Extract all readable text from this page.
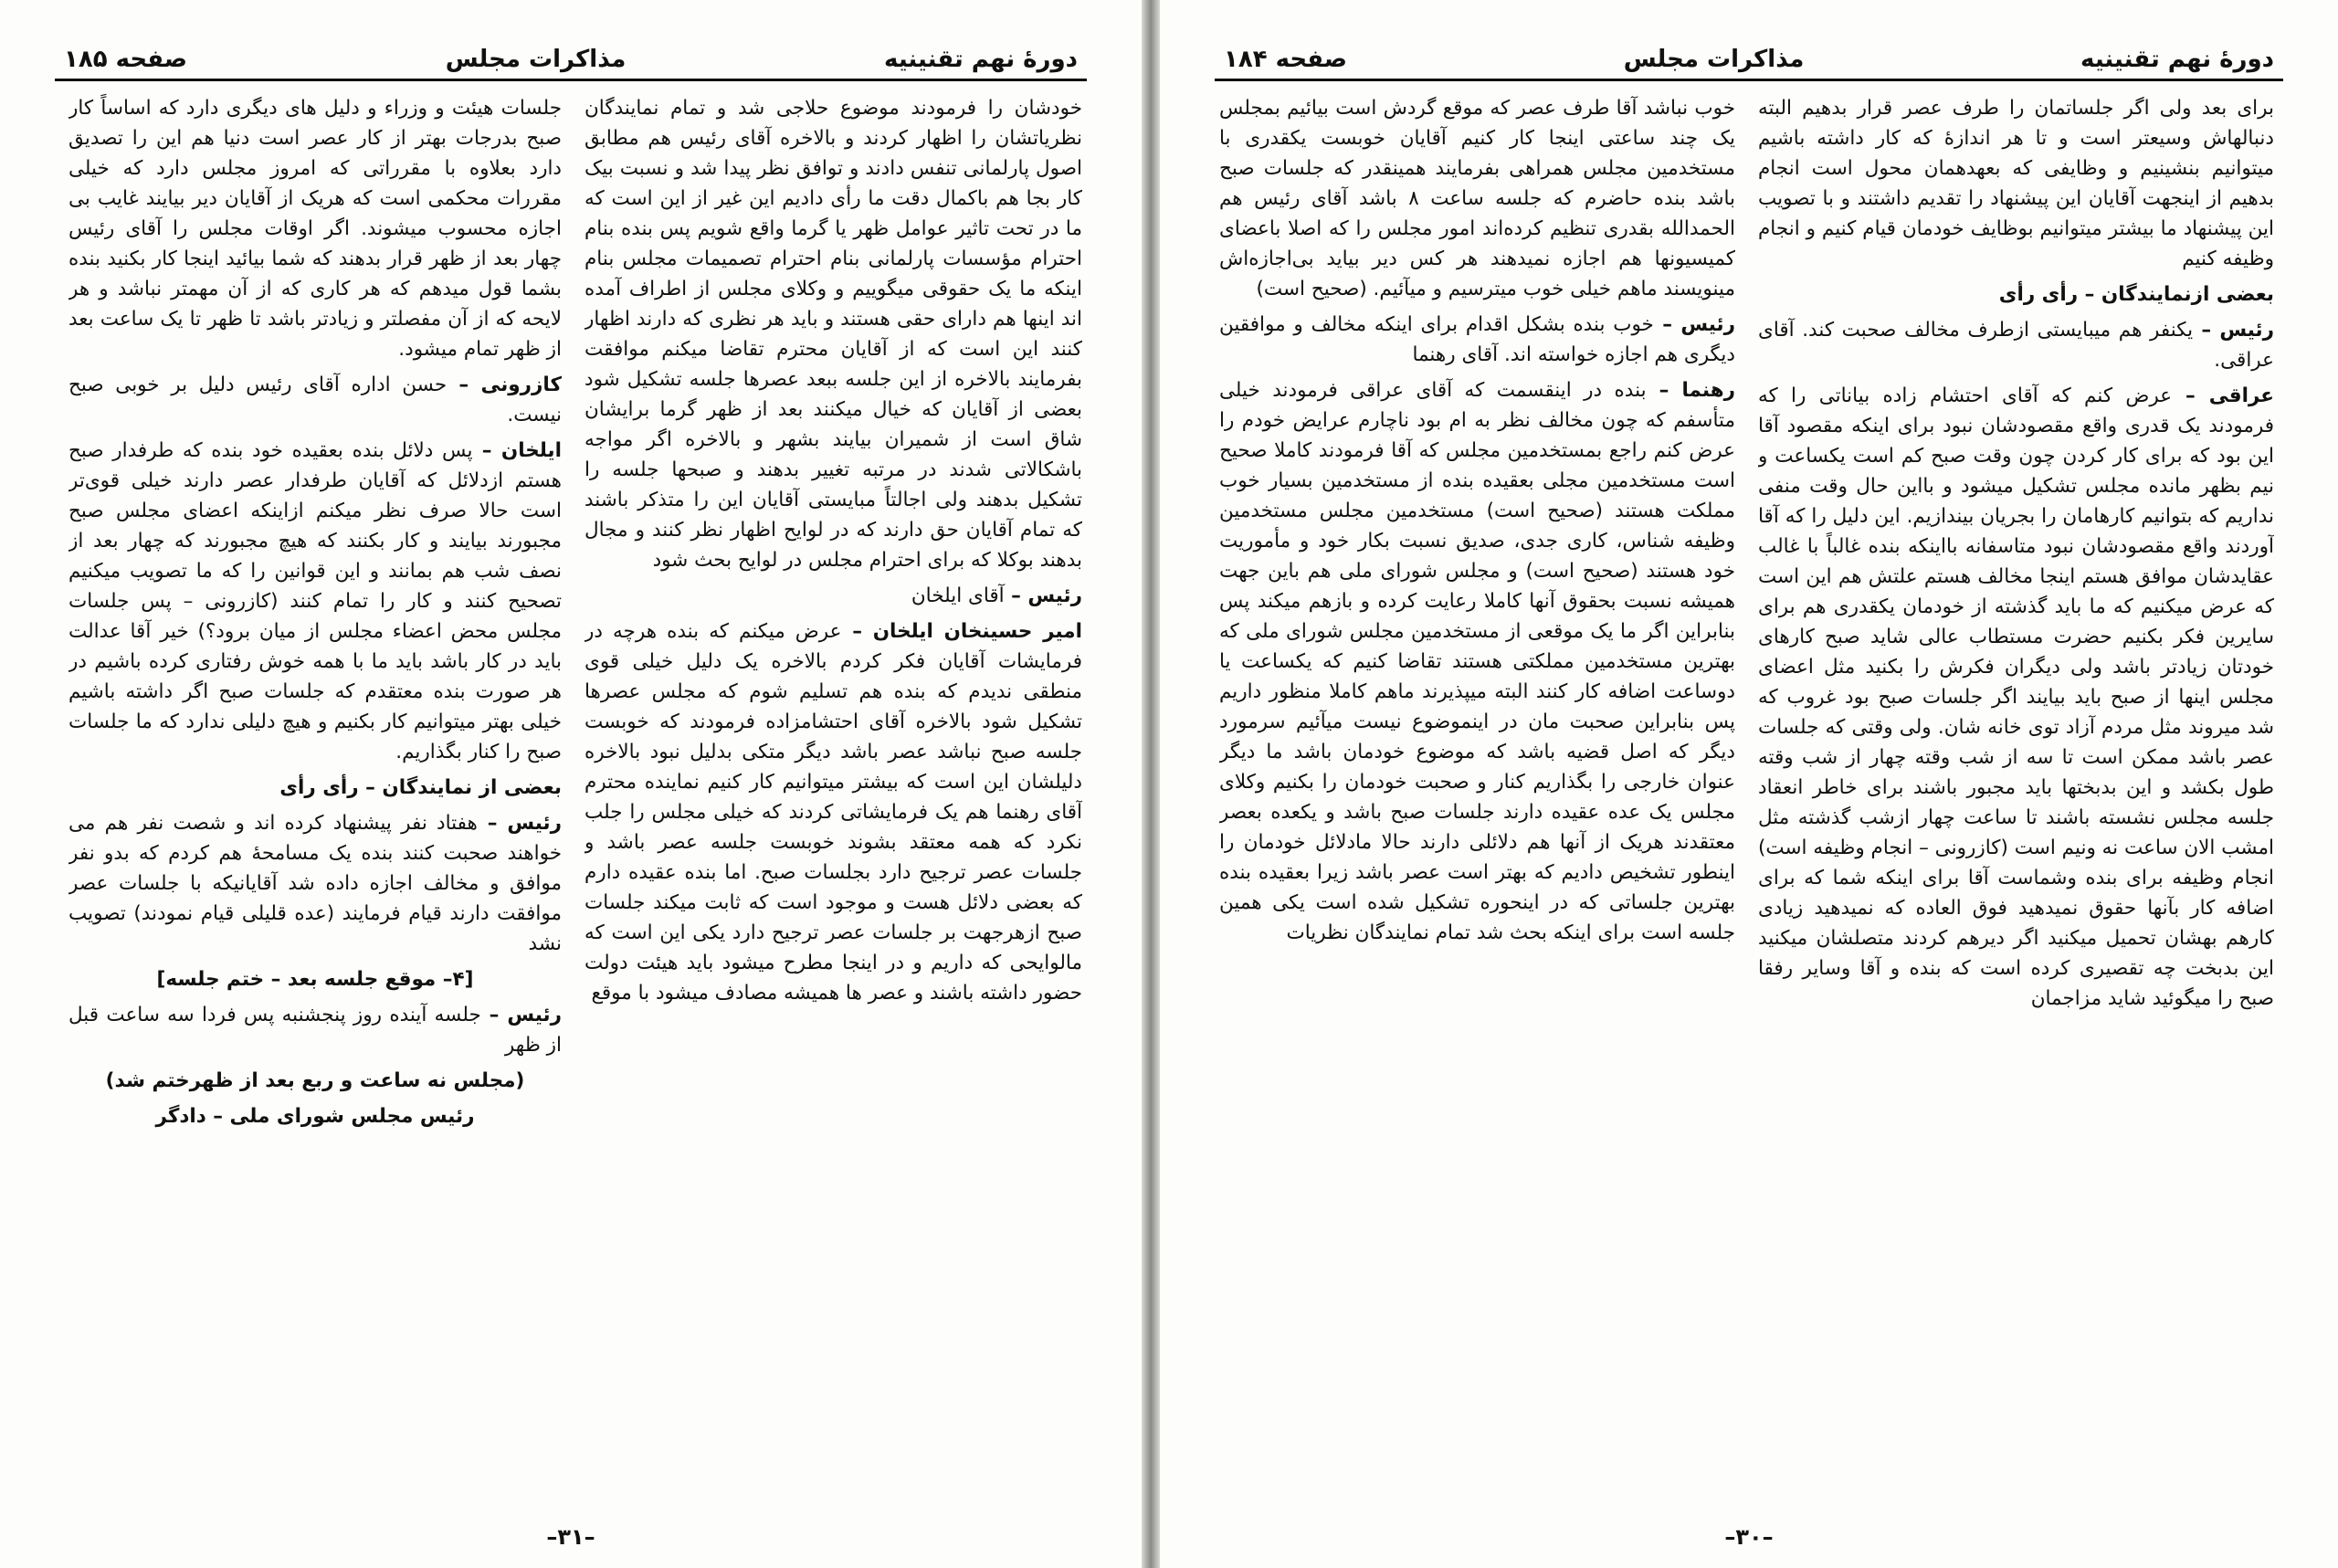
دورهٔ نهم تقنینیه
مذاکرات مجلس
صفحه ۱۸۵

خودشان را فرمودند موضوع حلاجی شد و تمام نمایندگان نظریاتشان را اظهار کردند و بالاخره آقای رئیس هم مطابق اصول پارلمانی تنفس دادند و توافق نظر پیدا شد و نسبت بیک کار بجا هم باکمال دقت ما رأی دادیم این غیر از این است که ما در تحت تاثیر عوامل ظهر یا گرما واقع شویم پس بنده بنام احترام مؤسسات پارلمانی بنام احترام تصمیمات مجلس بنام اینکه ما یک حقوقی میگوییم و وکلای مجلس از اطراف آمده اند اینها هم دارای حقی هستند و باید هر نظری که دارند اظهار کنند این است که از آقایان محترم تقاضا میکنم موافقت بفرمایند بالاخره از این جلسه ببعد عصرها جلسه تشکیل شود بعضی از آقایان که خیال میکنند بعد از ظهر گرما برایشان شاق است از شمیران بیایند بشهر و بالاخره اگر مواجه باشکالاتی شدند در مرتبه تغییر بدهند و صبحها جلسه را تشکیل بدهند ولی اجالتاً مبایستی آقایان این را متذکر باشند که تمام آقایان حق دارند که در لوایح اظهار نظر کنند و مجال بدهند بوکلا که برای احترام مجلس در لوایح بحث شود

رئیس – آقای ایلخان

امیر حسینخان ایلخان – عرض میکنم که بنده هرچه در فرمایشات آقایان فکر کردم بالاخره یک دلیل خیلی قوی منطقی ندیدم که بنده هم تسلیم شوم که مجلس عصرها تشکیل شود بالاخره آقای احتشامزاده فرمودند که خوبست جلسه صبح نباشد عصر باشد دیگر متکی بدلیل نبود بالاخره دلیلشان این است که بیشتر میتوانیم کار کنیم نماینده محترم آقای رهنما هم یک فرمایشاتی کردند که خیلی مجلس را جلب نکرد که همه معتقد بشوند خوبست جلسه عصر باشد و جلسات عصر ترجیح دارد بجلسات صبح. اما بنده عقیده دارم که بعضی دلائل هست و موجود است که ثابت میکند جلسات صبح ازهرجهت بر جلسات عصر ترجیح دارد یکی این است که مالوایحی که داریم و در اینجا مطرح میشود باید هیئت دولت حضور داشته باشند و عصر ها همیشه مصادف میشود با موقع

جلسات هیئت و وزراء و دلیل های دیگری دارد که اساساً کار صبح بدرجات بهتر از کار عصر است دنیا هم این را تصدیق دارد بعلاوه با مقرراتی که امروز مجلس دارد که خیلی مقررات محکمی است که هریک از آقایان دیر بیایند غایب بی اجازه محسوب میشوند. اگر اوقات مجلس را آقای رئیس چهار بعد از ظهر قرار بدهند که شما بیائید اینجا کار بکنید بنده بشما قول میدهم که هر کاری که از آن مهمتر نباشد و هر لایحه که از آن مفصلتر و زیادتر باشد تا ظهر تا یک ساعت بعد از ظهر تمام میشود.

کازرونی – حسن اداره آقای رئیس دلیل بر خوبی صبح نیست.

ایلخان – پس دلائل بنده بعقیده خود بنده که طرفدار صبح هستم ازدلائل که آقایان طرفدار عصر دارند خیلی قوی‌تر است حالا صرف نظر میکنم ازاینکه اعضای مجلس صبح مجبورند بیایند و کار بکنند که هیچ مجبورند که چهار بعد از نصف شب هم بمانند و این قوانین را که ما تصویب میکنیم تصحیح کنند و کار را تمام کنند (کازرونی – پس جلسات مجلس محض اعضاء مجلس از میان برود؟) خیر آقا عدالت باید در کار باشد باید ما با همه خوش رفتاری کرده باشیم در هر صورت بنده معتقدم که جلسات صبح اگر داشته باشیم خیلی بهتر میتوانیم کار بکنیم و هیچ دلیلی ندارد که ما جلسات صبح را کنار بگذاریم.

بعضی از نمایندگان – رأی رأی

رئیس – هفتاد نفر پیشنهاد کرده اند و شصت نفر هم می خواهند صحبت کنند بنده یک مسامحهٔ هم کردم که بدو نفر موافق و مخالف اجازه داده شد آقایانیکه با جلسات عصر موافقت دارند قیام فرمایند (عده قلیلی قیام نمودند) تصویب نشد

[۴– موقع جلسه بعد – ختم جلسه]

رئیس – جلسه آینده روز پنجشنبه پس فردا سه ساعت قبل از ظهر

(مجلس نه ساعت و ربع بعد از ظهرختم شد)

رئیس مجلس شورای ملی – دادگر

–۳۱–
دورهٔ نهم تقنینیه
مذاکرات مجلس
صفحه ۱۸۴

برای بعد ولی اگر جلساتمان را طرف عصر قرار بدهیم البته دنبالهاش وسیعتر است و تا هر اندازهٔ که کار داشته باشیم میتوانیم بنشینیم و وظایفی که بعهدهمان محول است انجام بدهیم از اینجهت آقایان این پیشنهاد را تقدیم داشتند و با تصویب این پیشنهاد ما بیشتر میتوانیم بوظایف خودمان قیام کنیم و انجام وظیفه کنیم

بعضی ازنمایندگان – رأی رأی

رئیس – یکنفر هم میبایستی ازطرف مخالف صحبت کند. آقای عراقی.

عراقی – عرض کنم که آقای احتشام زاده بیاناتی را که فرمودند یک قدری واقع مقصودشان نبود برای اینکه مقصود آقا این بود که برای کار کردن چون وقت صبح کم است یکساعت و نیم بظهر مانده مجلس تشکیل میشود و بااین حال وقت منفی نداریم که بتوانیم کارهامان را بجریان بیندازیم. این دلیل را که آقا آوردند واقع مقصودشان نبود متاسفانه بااینکه بنده غالباً با غالب عقایدشان موافق هستم اینجا مخالف هستم علتش هم این است که عرض میکنیم که ما باید گذشته از خودمان یکقدری هم برای سایرین فکر بکنیم حضرت مستطاب عالی شاید صبح کارهای خودتان زیادتر باشد ولی دیگران فکرش را بکنید مثل اعضای مجلس اینها از صبح باید بیایند اگر جلسات صبح بود غروب که شد میروند مثل مردم آزاد توی خانه شان. ولی وقتی که جلسات عصر باشد ممکن است تا سه از شب وقته چهار از شب وقته طول بکشد و این بدبختها باید مجبور باشند برای خاطر انعقاد جلسه مجلس نشسته باشند تا ساعت چهار ازشب گذشته مثل امشب الان ساعت نه ونیم است (کازرونی – انجام وظیفه است) انجام وظیفه برای بنده وشماست آقا برای اینکه شما که برای اضافه کار بآنها حقوق نمیدهید فوق العاده که نمیدهید زیادی کارهم بهشان تحمیل میکنید اگر دیرهم کردند متصلشان میکنید این بدبخت چه تقصیری کرده است که بنده و آقا وسایر رفقا صبح را میگوئید شاید مزاجمان

خوب نباشد آقا طرف عصر که موقع گردش است بیائیم بمجلس یک چند ساعتی اینجا کار کنیم آقایان خوبست یکقدری با مستخدمین مجلس همراهی بفرمایند همینقدر که جلسات صبح باشد بنده حاضرم که جلسه ساعت ۸ باشد آقای رئیس هم الحمدالله بقدری تنظیم کرده‌اند امور مجلس را که اصلا باعضای کمیسیونها هم اجازه نمیدهند هر کس دیر بیاید بی‌اجازه‌اش مینویسند ماهم خیلی خوب میترسیم و میآئیم. (صحیح است)

رئیس – خوب بنده بشکل اقدام برای اینکه مخالف و موافقین دیگری هم اجازه خواسته اند. آقای رهنما

رهنما – بنده در اینقسمت که آقای عراقی فرمودند خیلی متأسفم که چون مخالف نظر به ام بود ناچارم عرایض خودم را عرض کنم راجع بمستخدمین مجلس که آقا فرمودند کاملا صحیح است مستخدمین مجلی بعقیده بنده از مستخدمین بسیار خوب مملکت هستند (صحیح است) مستخدمین مجلس مستخدمین وظیفه شناس، کاری جدی، صدیق نسبت بکار خود و مأموریت خود هستند (صحیح است) و مجلس شورای ملی هم باین جهت همیشه نسبت بحقوق آنها کاملا رعایت کرده و بازهم میکند پس بنابراین اگر ما یک موقعی از مستخدمین مجلس شورای ملی که بهترین مستخدمین مملکتی هستند تقاضا کنیم که یکساعت یا دوساعت اضافه کار کنند البته میپذیرند ماهم کاملا منظور داریم پس بنابراین صحبت مان در اینموضوع نیست میآئیم سرمورد دیگر که اصل قضیه باشد که موضوع خودمان باشد ما دیگر عنوان خارجی را بگذاریم کنار و صحبت خودمان را بکنیم وکلای مجلس یک عده عقیده دارند جلسات صبح باشد و یکعده بعصر معتقدند هریک از آنها هم دلائلی دارند حالا مادلائل خودمان را اینطور تشخیص دادیم که بهتر است عصر باشد زیرا بعقیده بنده بهترین جلساتی که در اینحوره تشکیل شده است یکی همین جلسه است برای اینکه بحث شد تمام نمایندگان نظریات

–۳۰–
